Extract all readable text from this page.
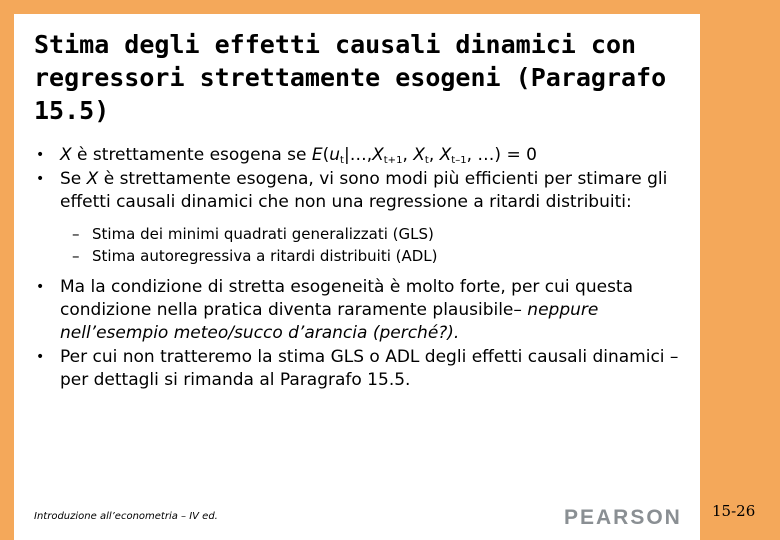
Stima degli effetti causali dinamici con regressori strettamente esogeni (Paragrafo 15.5)

• X è strettamente esogena se $E(u_t|\dots,X_{t+1}$, $X_t$, $X_{t-1}$, …) = 0

• Se X è strettamente esogena, vi sono modi più efficienti per stimare gli effetti causali dinamici che non una regressione a ritardi distribuiti:

– Stima dei minimi quadrati generalizzati (GLS)

– Stima autoregressiva a ritardi distribuiti (ADL)

• Ma la condizione di stretta esogeneità è molto forte, per cui questa condizione nella pratica diventa raramente plausibile– neppure nell’esempio meteo/succo d’arancia (perché?).

• Per cui non tratteremo la stima GLS o ADL degli effetti causali dinamici – per dettagli si rimanda al Paragrafo 15.5.

Introduzione all’econometria – IV ed.	PEARSON 15-26
